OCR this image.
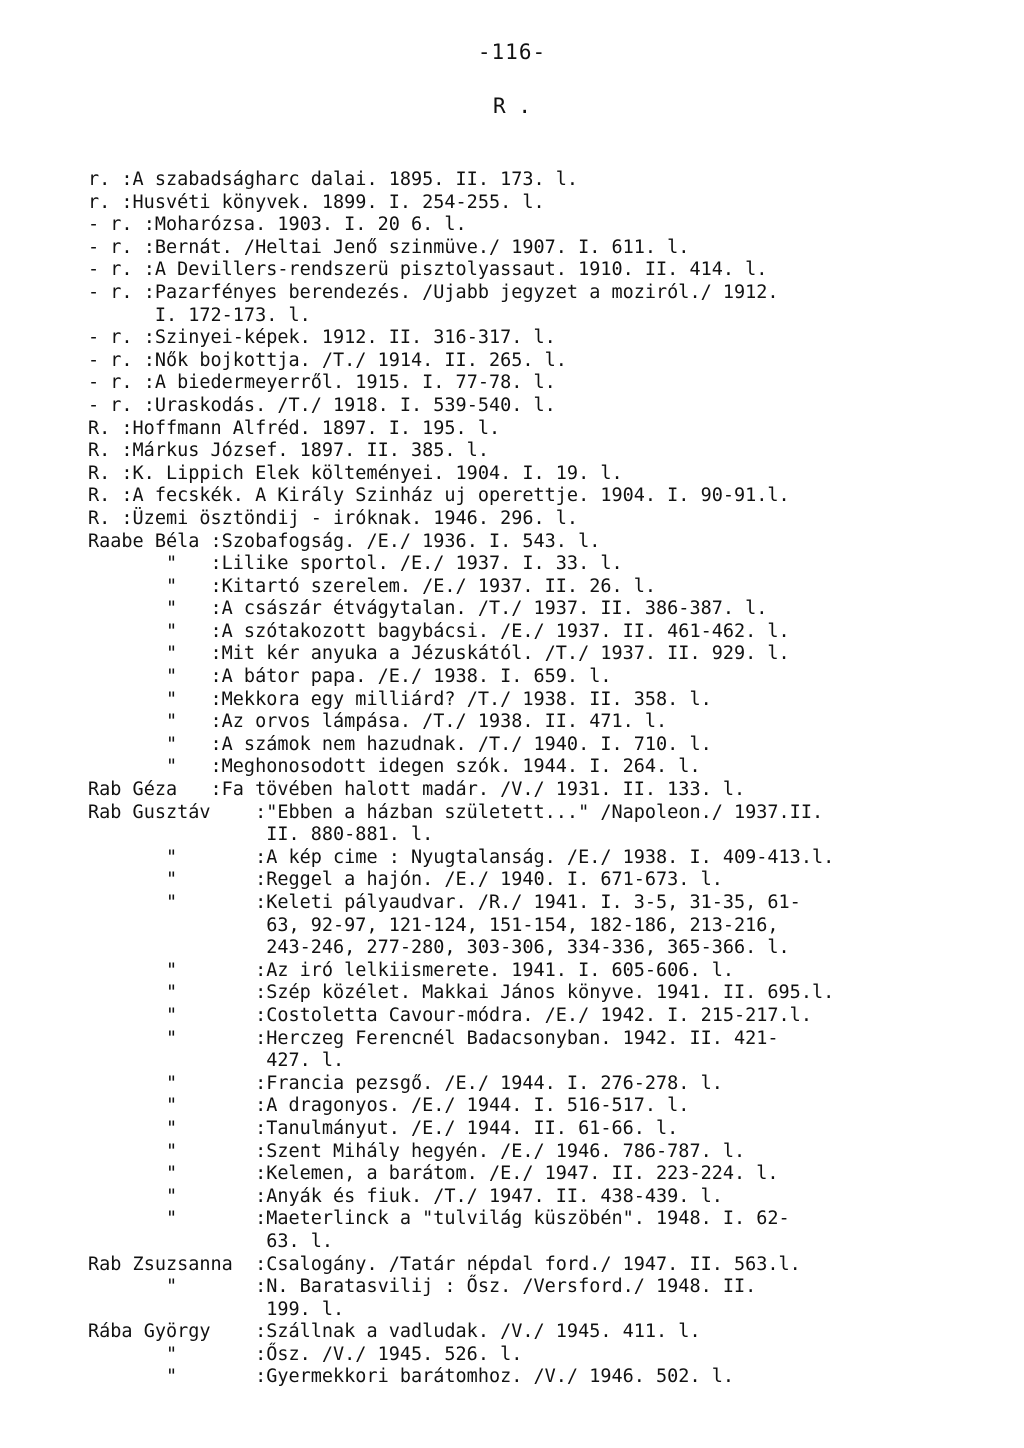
-116-
R .
r. : A szabadságharc dalai. 1895. II. 173. l.
r. : Husvéti könyvek. 1899. I. 254-255. l.
- r. : Moharózsa. 1903. I. 20 6. l.
- r. : Bernát. /Heltai Jenő szinmüve./ 1907. I. 611. l.
- r. : A Devillers-rendszerü pisztolyassaut. 1910. II. 414. l.
- r. : Pazarfényes berendezés. /Ujabb jegyzet a moziról./ 1912.
I. 172-173. l.
- r. : Szinyei-képek. 1912. II. 316-317. l.
- r. : Nők bojkottja. /T./ 1914. II. 265. l.
- r. : A biedermeyerről. 1915. I. 77-78. l.
- r. : Uraskodás. /T./ 1918. I. 539-540. l.
R. : Hoffmann Alfréd. 1897. I. 195. l.
R. : Márkus József. 1897. II. 385. l.
R. : K. Lippich Elek költeményei. 1904. I. 19. l.
R. : A fecskék. A Király Szinház uj operettje. 1904. I. 90-91.l.
R. : Üzemi ösztöndij - iróknak. 1946. 296. l.
Raabe Béla : Szobafogság. /E./ 1936. I. 543. l.
"	: Lilike sportol. /E./ 1937. I. 33. l.
"	: Kitartó szerelem. /E./ 1937. II. 26. l.
"	: A császár étvágytalan. /T./ 1937. II. 386-387. l.
"	: A szótakozott bagybácsi. /E./ 1937. II. 461-462. l.
"	: Mit kér anyuka a Jézuskától. /T./ 1937. II. 929. l.
"	: A bátor papa. /E./ 1938. I. 659. l.
"	: Mekkora egy milliárd? /T./ 1938. II. 358. l.
"	: Az orvos lámpása. /T./ 1938. II. 471. l.
"	: A számok nem hazudnak. /T./ 1940. I. 710. l.
"	: Meghonosodott idegen szók. 1944. I. 264. l.
Rab Géza	: Fa tövében halott madár. /V./ 1931. II. 133. l.
Rab Gusztáv	: "Ebben a házban született..." /Napoleon./ 1937.II.
II. 880-881. l.
"	: A kép cime : Nyugtalanság. /E./ 1938. I. 409-413.l.
"	: Reggel a hajón. /E./ 1940. I. 671-673. l.
"	: Keleti pályaudvar. /R./ 1941. I. 3-5, 31-35, 61-
63, 92-97, 121-124, 151-154, 182-186, 213-216,
243-246, 277-280, 303-306, 334-336, 365-366. l.
"	: Az iró lelkiismerete. 1941. I. 605-606. l.
"	: Szép közélet. Makkai János könyve. 1941. II. 695.l.
"	: Costoletta Cavour-módra. /E./ 1942. I. 215-217.l.
"	: Herczeg Ferencnél Badacsonyban. 1942. II. 421-
427. l.
"	: Francia pezsgő. /E./ 1944. I. 276-278. l.
"	: A dragonyos. /E./ 1944. I. 516-517. l.
"	: Tanulmányut. /E./ 1944. II. 61-66. l.
"	: Szent Mihály hegyén. /E./ 1946. 786-787. l.
"	: Kelemen, a barátom. /E./ 1947. II. 223-224. l.
"	: Anyák és fiuk. /T./ 1947. II. 438-439. l.
"	: Maeterlinck a "tulvilág küszöbén". 1948. I. 62-
63. l.
Rab Zsuzsanna	: Csalogány. /Tatár népdal ford./ 1947. II. 563.l.
"	: N. Baratasvilij : Ősz. /Versford./ 1948. II.
199. l.
Rába György	: Szállnak a vadludak. /V./ 1945. 411. l.
"	: Ősz. /V./ 1945. 526. l.
"	: Gyermekkori barátomhoz. /V./ 1946. 502. l.
